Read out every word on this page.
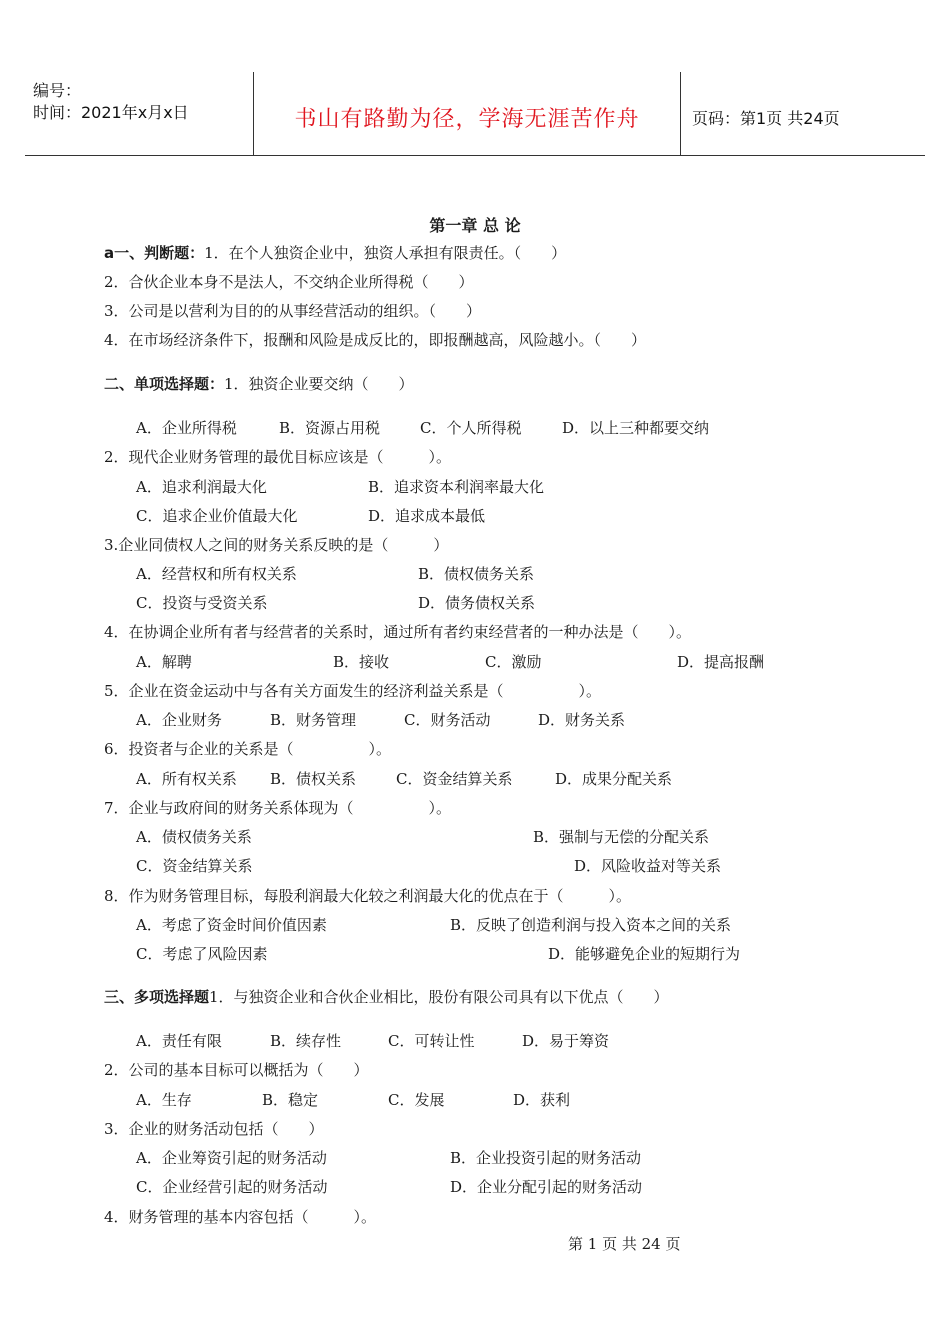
编号：
时间：2021年x月x日	书山有路勤为径，学海无涯苦作舟	页码：第1页 共24页
第一章 总 论
a一、判断题：1．在个人独资企业中，独资人承担有限责任。（　　）
2．合伙企业本身不是法人，不交纳企业所得税（　　）
3．公司是以营利为目的的从事经营活动的组织。（　　）
4．在市场经济条件下，报酬和风险是成反比的，即报酬越高，风险越小。（　　）
二、单项选择题：1．独资企业要交纳（　　）
A．企业所得税	B．资源占用税	C．个人所得税	D．以上三种都要交纳
2．现代企业财务管理的最优目标应该是（　　　）。
A．追求利润最大化	B．追求资本利润率最大化
C．追求企业价值最大化	D．追求成本最低
3.企业同债权人之间的财务关系反映的是（　　　）
A．经营权和所有权关系	B．债权债务关系
C．投资与受资关系	D．债务债权关系
4．在协调企业所有者与经营者的关系时，通过所有者约束经营者的一种办法是（　　）。
A．解聘	B．接收	C．激励	D．提高报酬
5．企业在资金运动中与各有关方面发生的经济利益关系是（　　　　　）。
A．企业财务	B．财务管理	C．财务活动	D．财务关系
6．投资者与企业的关系是（　　　　　）。
A．所有权关系 B．债权关系	C．资金结算关系	D．成果分配关系
7．企业与政府间的财务关系体现为（　　　　　）。
A．债权债务关系	B．强制与无偿的分配关系
C．资金结算关系	D．风险收益对等关系
8．作为财务管理目标，每股利润最大化较之利润最大化的优点在于（　　　）。
A．考虑了资金时间价值因素	B．反映了创造利润与投入资本之间的关系
C．考虑了风险因素	D．能够避免企业的短期行为
三、多项选择题1．与独资企业和合伙企业相比，股份有限公司具有以下优点（　　）
A．责任有限	B．续存性	C．可转让性	D．易于筹资
2．公司的基本目标可以概括为（　　）
A．生存	B．稳定	C．发展	D．获利
3．企业的财务活动包括（　　）
A．企业筹资引起的财务活动	B．企业投资引起的财务活动
C．企业经营引起的财务活动	D．企业分配引起的财务活动
4．财务管理的基本内容包括（　　　）。
第 1 页 共 24 页
